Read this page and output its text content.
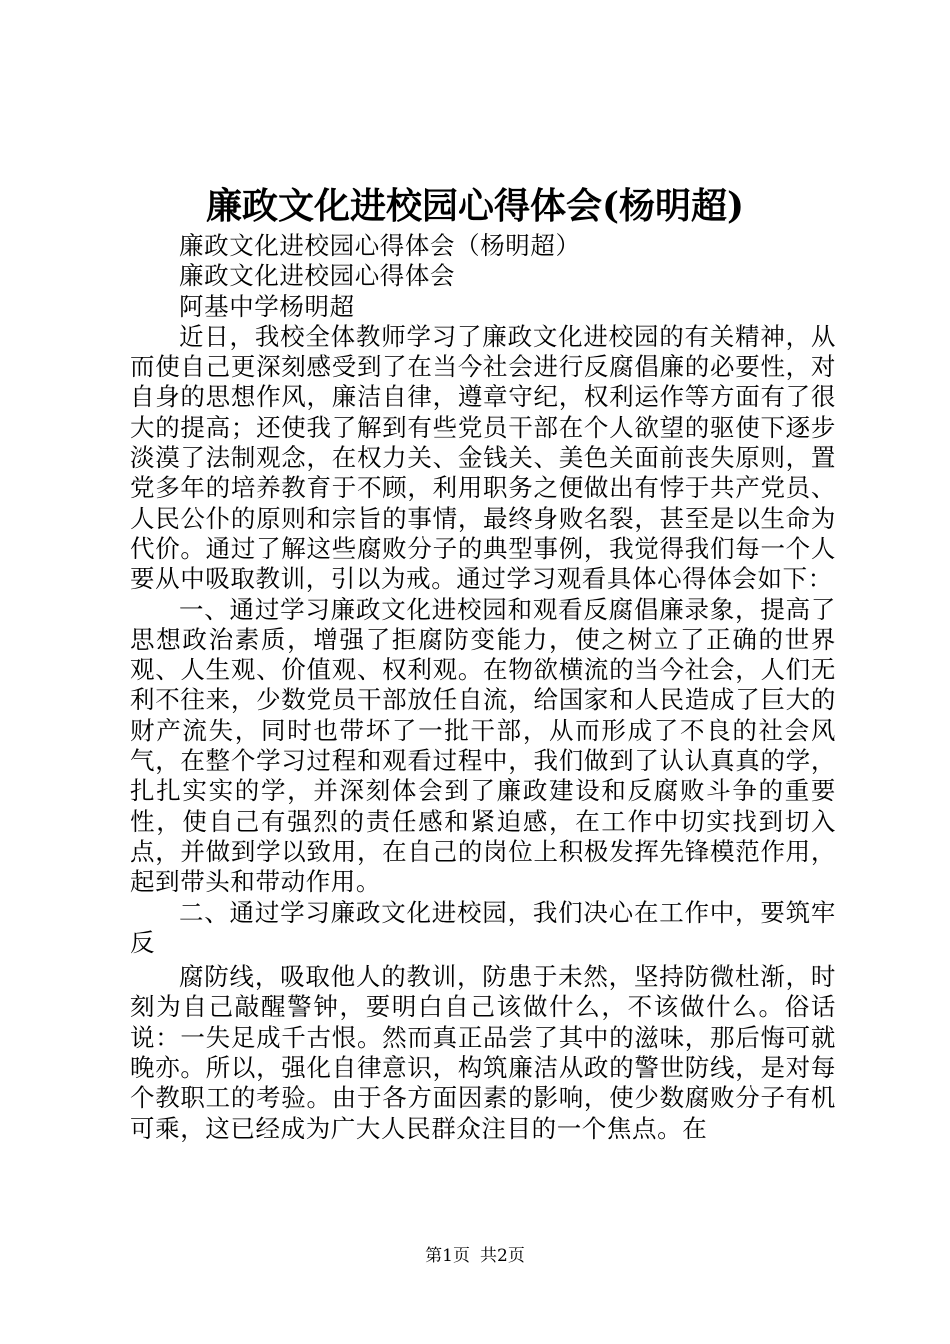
廉政文化进校园心得体会(杨明超)

廉政文化进校园心得体会（杨明超）

廉政文化进校园心得体会

阿基中学杨明超

近日，我校全体教师学习了廉政文化进校园的有关精神，从而使自己更深刻感受到了在当今社会进行反腐倡廉的必要性，对自身的思想作风，廉洁自律，遵章守纪，权利运作等方面有了很大的提高；还使我了解到有些党员干部在个人欲望的驱使下逐步淡漠了法制观念，在权力关、金钱关、美色关面前丧失原则，置党多年的培养教育于不顾，利用职务之便做出有悖于共产党员、人民公仆的原则和宗旨的事情，最终身败名裂，甚至是以生命为代价。通过了解这些腐败分子的典型事例，我觉得我们每一个人要从中吸取教训，引以为戒。通过学习观看具体心得体会如下：

一、通过学习廉政文化进校园和观看反腐倡廉录象，提高了思想政治素质，增强了拒腐防变能力，使之树立了正确的世界观、人生观、价值观、权利观。在物欲横流的当今社会，人们无利不往来，少数党员干部放任自流，给国家和人民造成了巨大的财产流失，同时也带坏了一批干部，从而形成了不良的社会风气，在整个学习过程和观看过程中，我们做到了认认真真的学，扎扎实实的学，并深刻体会到了廉政建设和反腐败斗争的重要性，使自己有强烈的责任感和紧迫感，在工作中切实找到切入点，并做到学以致用，在自己的岗位上积极发挥先锋模范作用，起到带头和带动作用。

二、通过学习廉政文化进校园，我们决心在工作中，要筑牢反

腐防线，吸取他人的教训，防患于未然，坚持防微杜渐，时刻为自己敲醒警钟，要明白自己该做什么，不该做什么。俗话说：一失足成千古恨。然而真正品尝了其中的滋味，那后悔可就晚亦。所以，强化自律意识，构筑廉洁从政的警世防线，是对每个教职工的考验。由于各方面因素的影响，使少数腐败分子有机可乘，这已经成为广大人民群众注目的一个焦点。在

第1页 共2页
